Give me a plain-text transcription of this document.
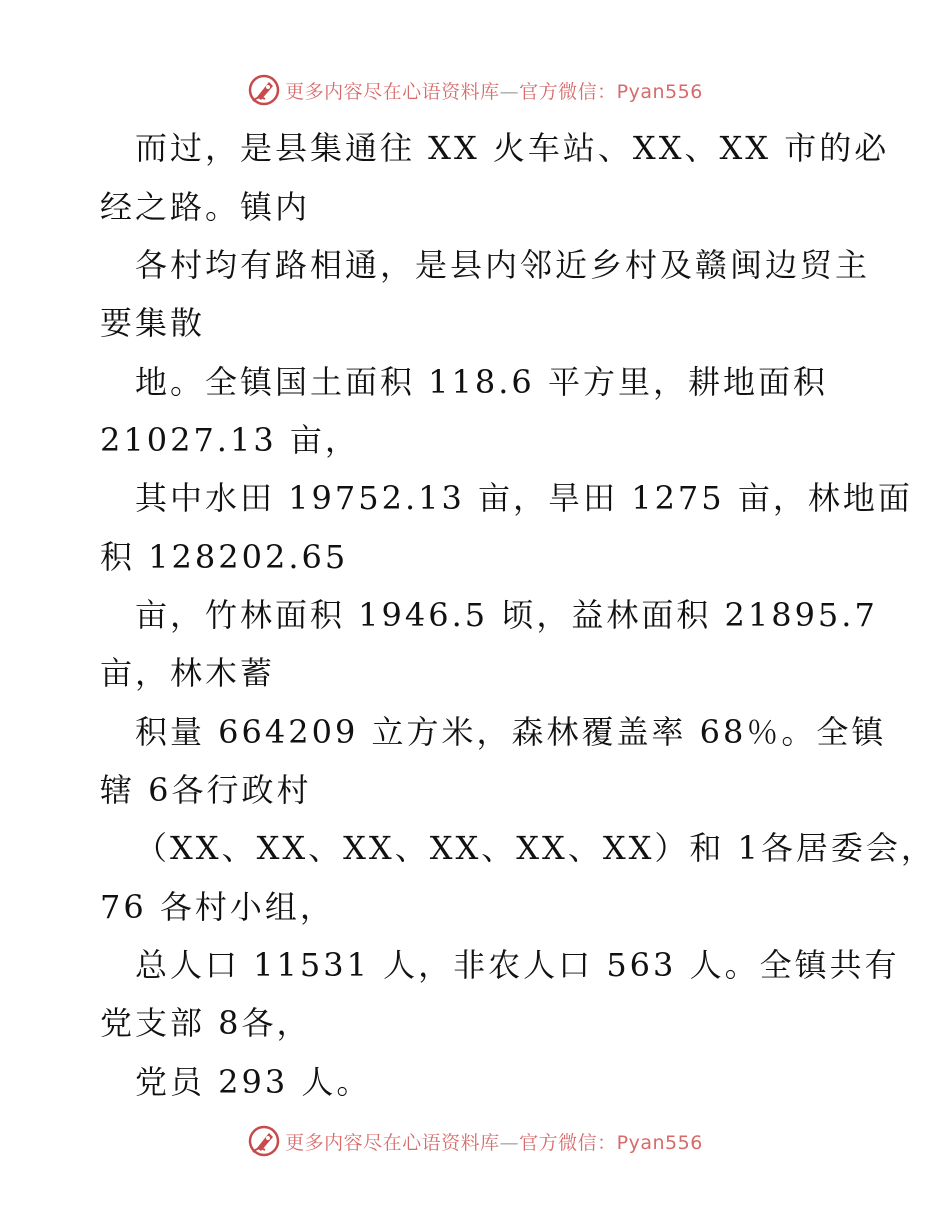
更多内容尽在心语资料库—官方微信：Pyan556
而过，是县集通往 XX 火车站、XX、XX 市的必
经之路。镇内
各村均有路相通，是县内邻近乡村及赣闽边贸主
要集散
地。全镇国土面积 118.6 平方里，耕地面积
21027.13 亩，
其中水田 19752.13 亩，旱田 1275 亩，林地面
积 128202.65
亩，竹林面积 1946.5 顷，益林面积 21895.7
亩，林木蓄
积量 664209 立方米，森林覆盖率 68％。全镇
辖 6各行政村
（XX、XX、XX、XX、XX、XX）和 1各居委会，
76 各村小组，
总人口 11531 人，非农人口 563 人。全镇共有
党支部 8各，
党员 293 人。
更多内容尽在心语资料库—官方微信：Pyan556
